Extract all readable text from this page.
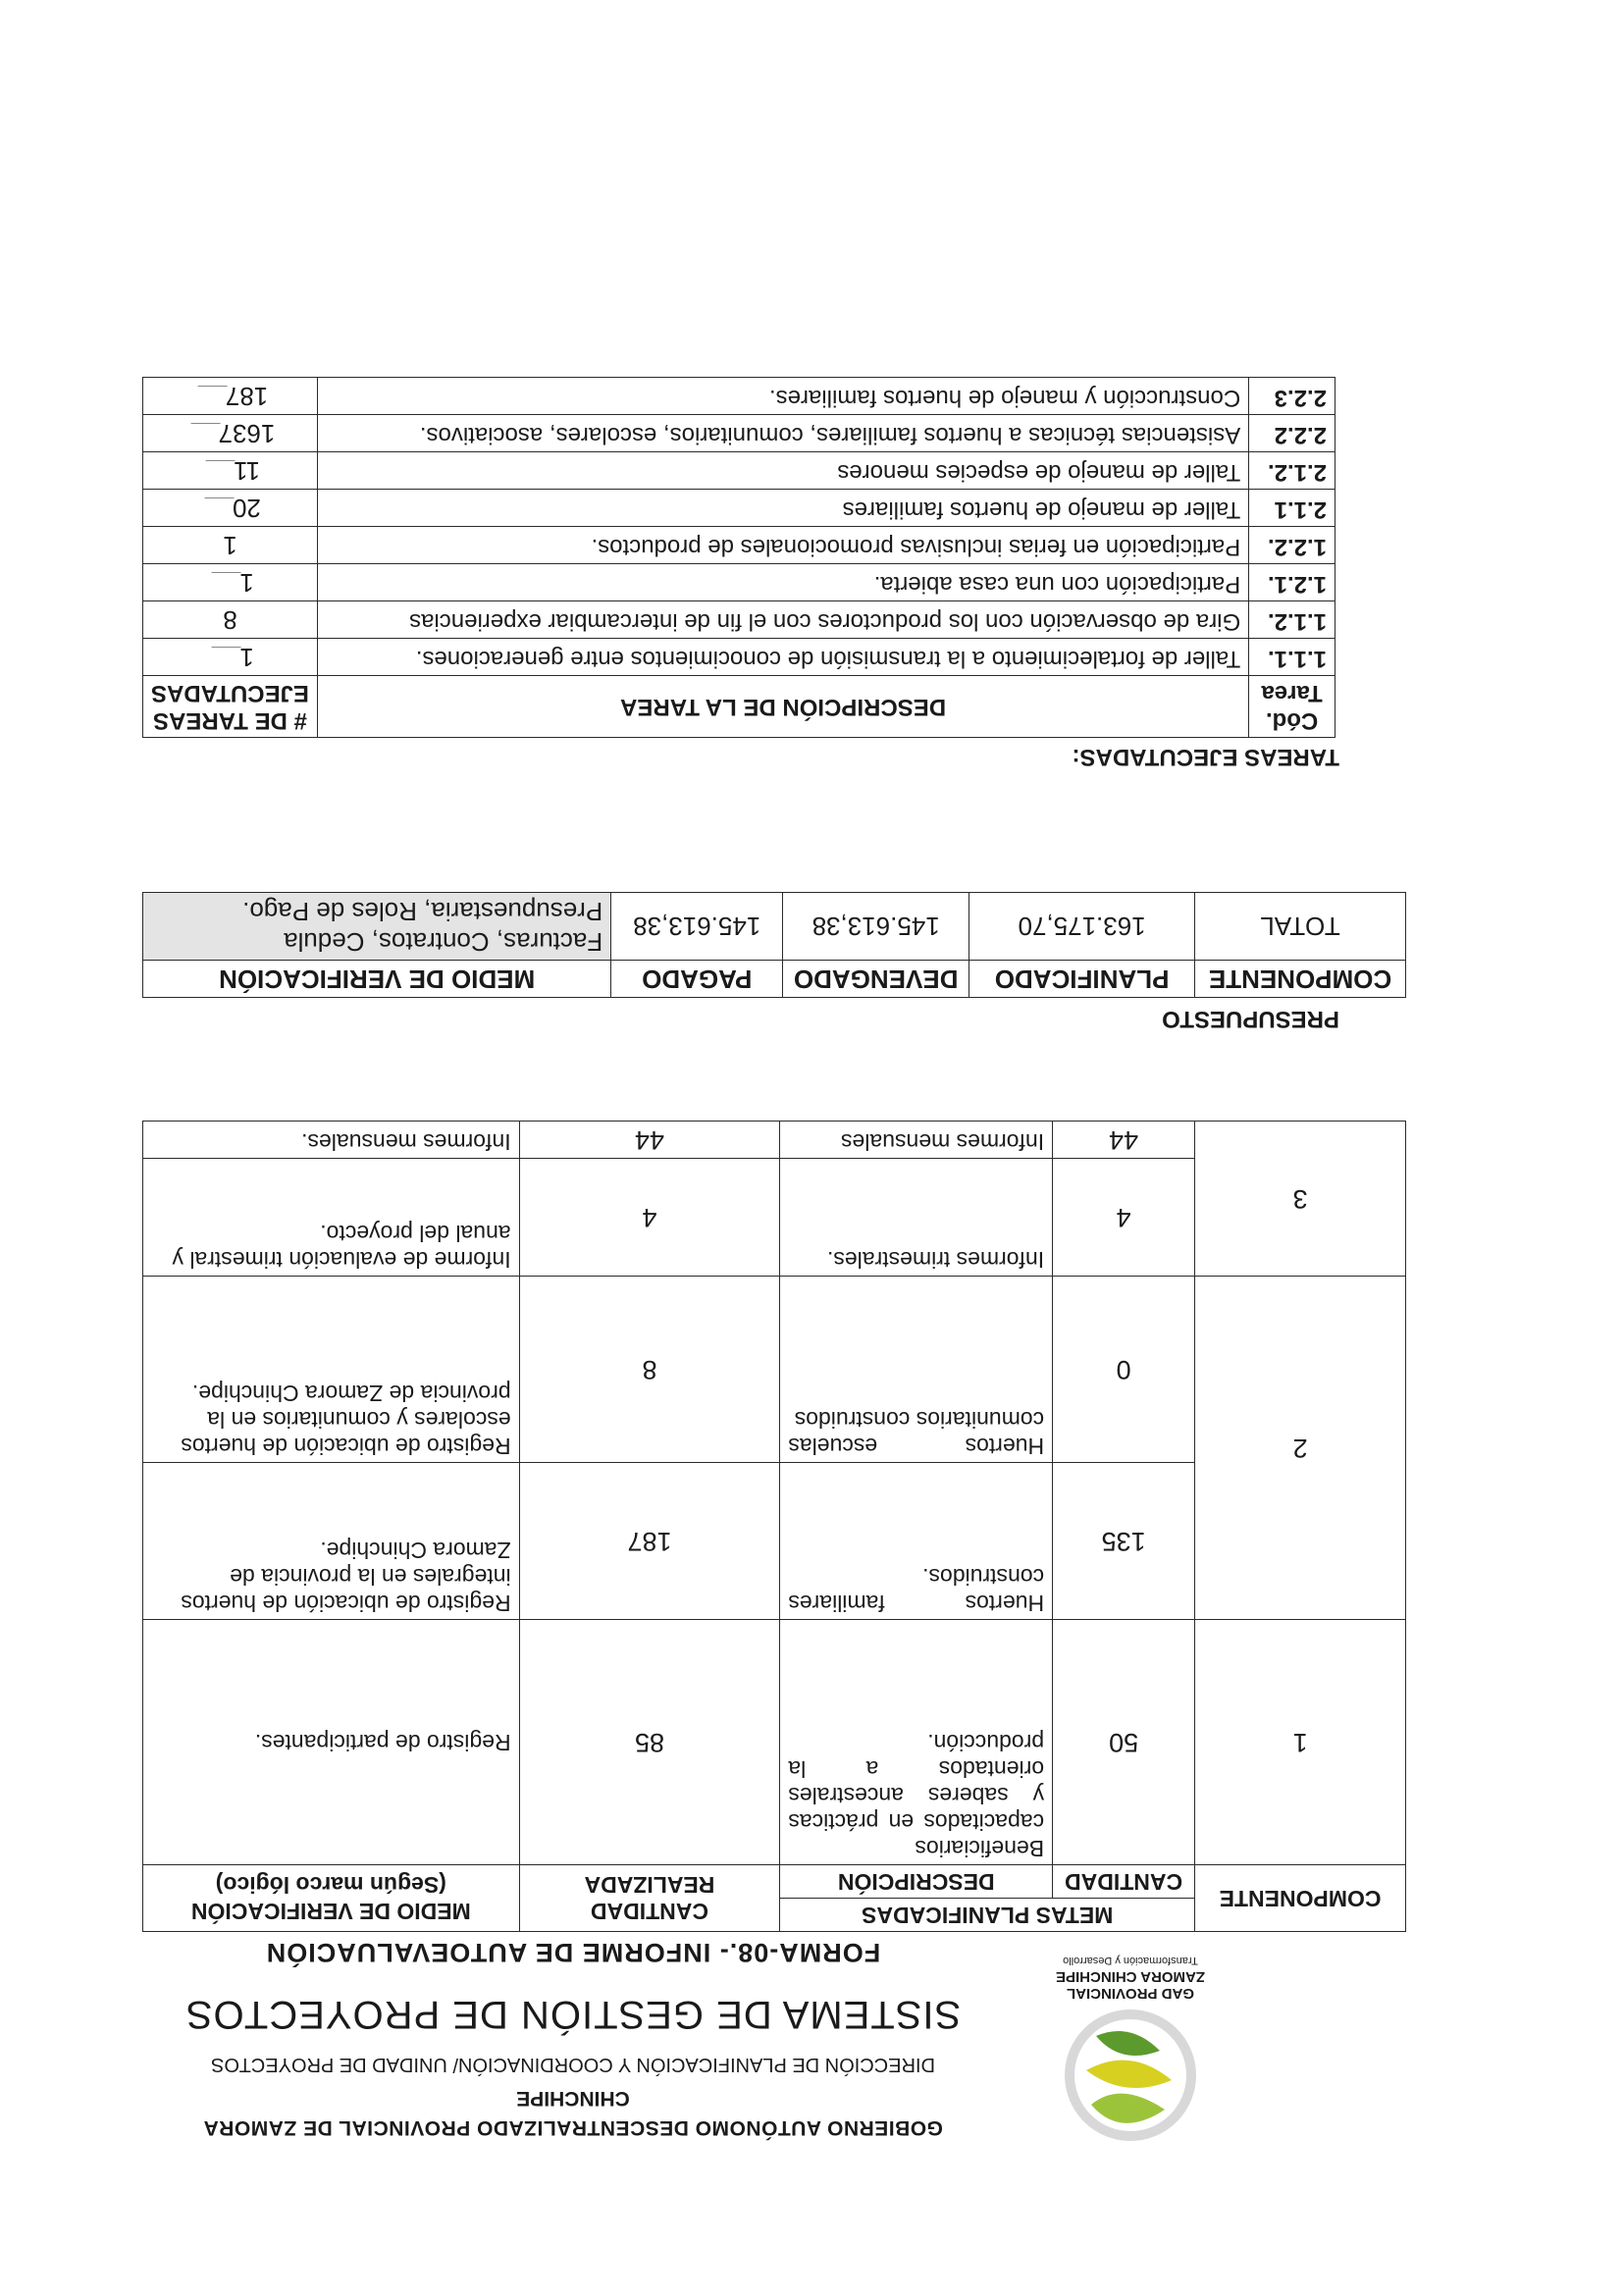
GAD PROVINCIAL
ZAMORA CHINCHIPE
Transformación y Desarrollo
GOBIERNO AUTÓNOMO DESCENTRALIZADO PROVINCIAL DE ZAMORA
CHINCHIPE
DIRECCIÓN DE PLANIFICACIÓN Y COORDINACIÓN/ UNIDAD DE PROYECTOS
SISTEMA DE GESTIÓN DE PROYECTOS
FORMA-08.- INFORME DE AUTOEVALUACIÓN
COMPONENTE	METAS PLANIFICADAS		CANTIDAD REALIZADA	MEDIO DE VERIFICACIÓN (Según marco lógico)
	CANTIDAD	DESCRIPCIÓN		
1	50	Beneficiarios capacitados en prácticas y saberes ancestrales orientados a la producción.	85	Registro de participantes.
2	135	Huertos familiares construidos.	187	Registro de ubicación de huertos integrales en la provincia de Zamora Chinchipe.
	0	Huertos escuelas comunitarios construidos	8	Registro de ubicación de huertos escolares y comunitarios en la provincia de Zamora Chinchipe.
3	4	Informes trimestrales.	4	Informe de evaluación trimestral y anual del proyecto.
	44	Informes mensuales	44	Informes mensuales.
PRESUPUESTO
COMPONENTE	PLANIFICADO	DEVENGADO	PAGADO	MEDIO DE VERIFICACIÓN
TOTAL	163.175,70	145.613,38	145.613,38	Facturas, Contratos, Cedula Presupuestaria, Roles de Pago.
TAREAS EJECUTADAS:
Cód. Tarea	DESCRIPCIÓN DE LA TAREA	# DE TAREAS EJECUTADAS
1.1.1.	Taller de fortalecimiento a la transmisión de conocimientos entre generaciones.	1
1.1.2.	Gira de observación con los productores con el fin de intercambiar experiencias	8
1.2.1.	Participación con una casa abierta.	1
1.2.2.	Participación en ferias inclusivas promocionales de productos.	1
2.1.1	Taller de manejo de huertos familiares	20
2.1.2.	Taller de manejo de especies menores	11
2.2.2	Asistencias técnicas a huertos familiares, comunitarios, escolares, asociativos.	1637
2.2.3	Construcción y manejo de huertos familiares.	187
